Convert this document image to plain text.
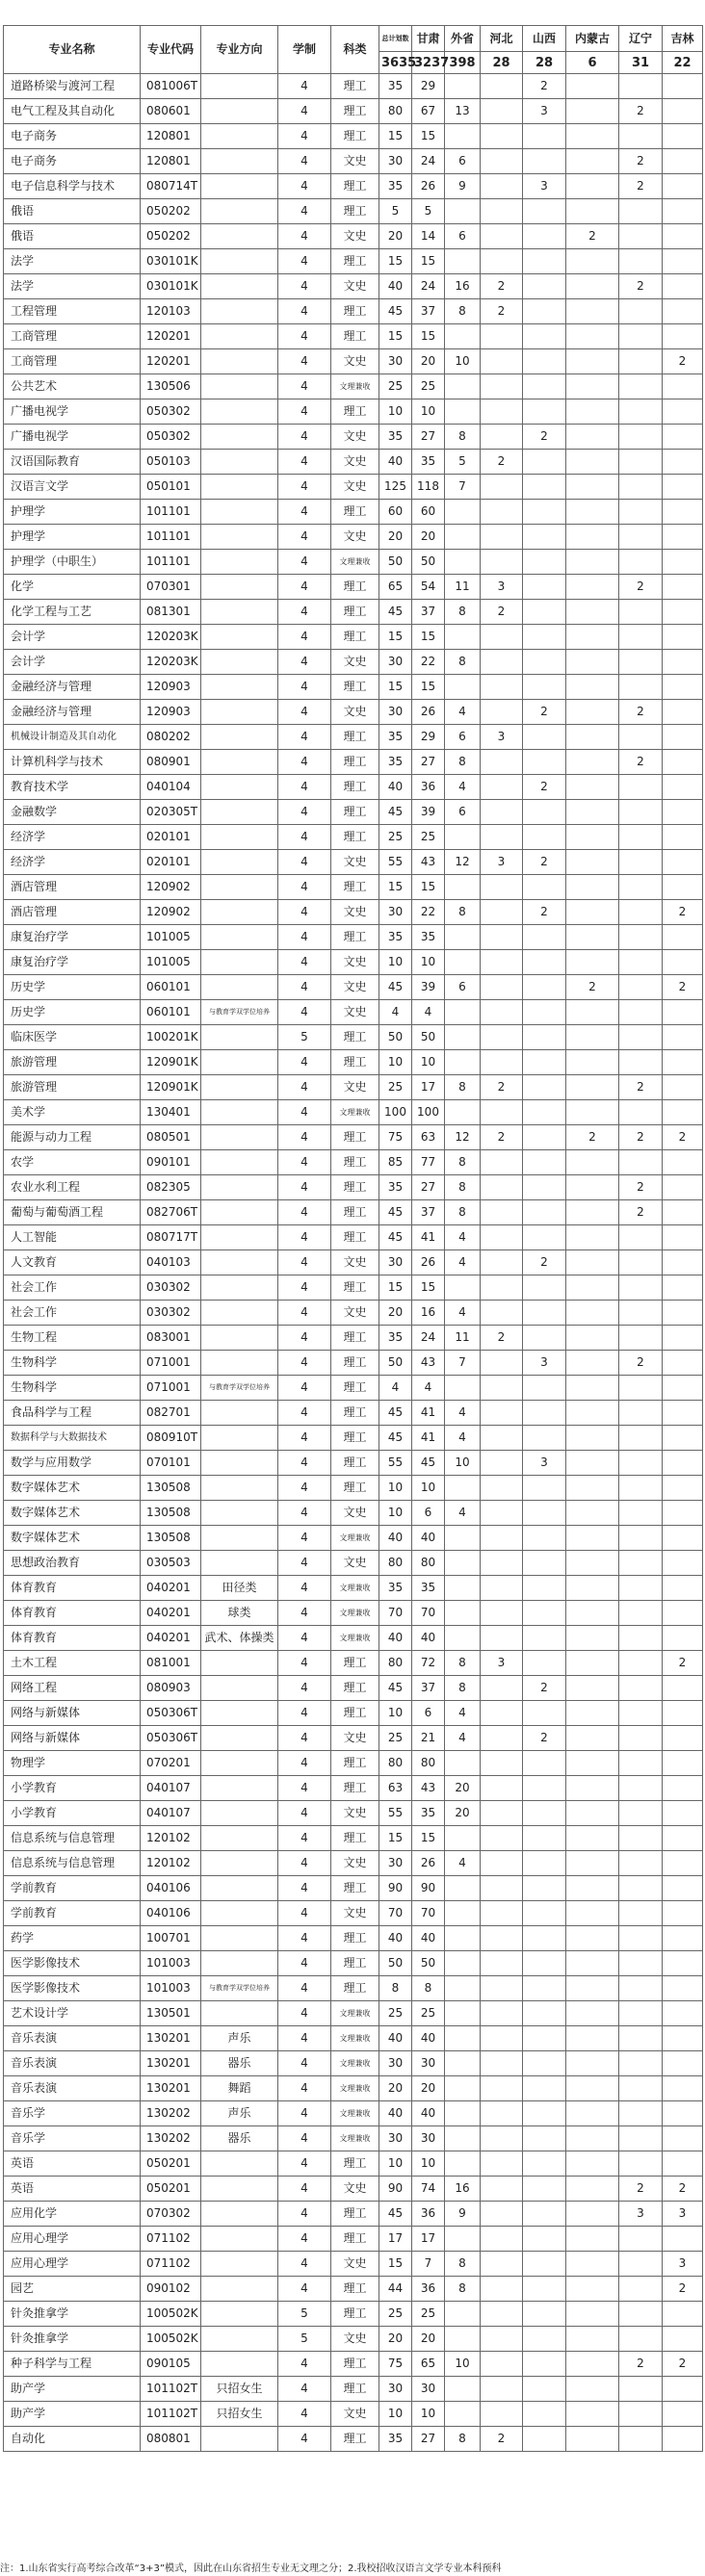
专业名称	专业代码	专业方向	学制	科类	总计划数	甘肃	外省	河北	山西	内蒙古	辽宁	吉林
					3635	3237	398	28	28	6	31	22
道路桥梁与渡河工程	081006T		4	理工	35	29			2			
电气工程及其自动化	080601		4	理工	80	67	13		3		2	
电子商务	120801		4	理工	15	15						
电子商务	120801		4	文史	30	24	6				2	
电子信息科学与技术	080714T		4	理工	35	26	9		3		2	
俄语	050202		4	理工	5	5						
俄语	050202		4	文史	20	14	6			2		
法学	030101K		4	理工	15	15						
法学	030101K		4	文史	40	24	16	2			2	
工程管理	120103		4	理工	45	37	8	2				
工商管理	120201		4	理工	15	15						
工商管理	120201		4	文史	30	20	10					2
公共艺术	130506		4	文理兼收	25	25						
广播电视学	050302		4	理工	10	10						
广播电视学	050302		4	文史	35	27	8		2			
汉语国际教育	050103		4	文史	40	35	5	2				
汉语言文学	050101		4	文史	125	118	7					
护理学	101101		4	理工	60	60						
护理学	101101		4	文史	20	20						
护理学（中职生）	101101		4	文理兼收	50	50						
化学	070301		4	理工	65	54	11	3			2	
化学工程与工艺	081301		4	理工	45	37	8	2				
会计学	120203K		4	理工	15	15						
会计学	120203K		4	文史	30	22	8					
金融经济与管理	120903		4	理工	15	15						
金融经济与管理	120903		4	文史	30	26	4		2		2	
机械设计制造及其自动化	080202		4	理工	35	29	6	3				
计算机科学与技术	080901		4	理工	35	27	8				2	
教育技术学	040104		4	理工	40	36	4		2			
金融数学	020305T		4	理工	45	39	6					
经济学	020101		4	理工	25	25						
经济学	020101		4	文史	55	43	12	3	2			
酒店管理	120902		4	理工	15	15						
酒店管理	120902		4	文史	30	22	8		2			2
康复治疗学	101005		4	理工	35	35						
康复治疗学	101005		4	文史	10	10						
历史学	060101		4	文史	45	39	6			2		2
历史学	060101	与教育学双学位培养	4	文史	4	4						
临床医学	100201K		5	理工	50	50						
旅游管理	120901K		4	理工	10	10						
旅游管理	120901K		4	文史	25	17	8	2			2	
美术学	130401		4	文理兼收	100	100						
能源与动力工程	080501		4	理工	75	63	12	2		2	2	2
农学	090101		4	理工	85	77	8					
农业水利工程	082305		4	理工	35	27	8				2	
葡萄与葡萄酒工程	082706T		4	理工	45	37	8				2	
人工智能	080717T		4	理工	45	41	4					
人文教育	040103		4	文史	30	26	4		2			
社会工作	030302		4	理工	15	15						
社会工作	030302		4	文史	20	16	4					
生物工程	083001		4	理工	35	24	11	2				
生物科学	071001		4	理工	50	43	7		3		2	
生物科学	071001	与教育学双学位培养	4	理工	4	4						
食品科学与工程	082701		4	理工	45	41	4					
数据科学与大数据技术	080910T		4	理工	45	41	4					
数学与应用数学	070101		4	理工	55	45	10		3			
数字媒体艺术	130508		4	理工	10	10						
数字媒体艺术	130508		4	文史	10	6	4					
数字媒体艺术	130508		4	文理兼收	40	40						
思想政治教育	030503		4	文史	80	80						
体育教育	040201	田径类	4	文理兼收	35	35						
体育教育	040201	球类	4	文理兼收	70	70						
体育教育	040201	武术、体操类	4	文理兼收	40	40						
土木工程	081001		4	理工	80	72	8	3				2
网络工程	080903		4	理工	45	37	8		2			
网络与新媒体	050306T		4	理工	10	6	4					
网络与新媒体	050306T		4	文史	25	21	4		2			
物理学	070201		4	理工	80	80						
小学教育	040107		4	理工	63	43	20					
小学教育	040107		4	文史	55	35	20					
信息系统与信息管理	120102		4	理工	15	15						
信息系统与信息管理	120102		4	文史	30	26	4					
学前教育	040106		4	理工	90	90						
学前教育	040106		4	文史	70	70						
药学	100701		4	理工	40	40						
医学影像技术	101003		4	理工	50	50						
医学影像技术	101003	与教育学双学位培养	4	理工	8	8						
艺术设计学	130501		4	文理兼收	25	25						
音乐表演	130201	声乐	4	文理兼收	40	40						
音乐表演	130201	器乐	4	文理兼收	30	30						
音乐表演	130201	舞蹈	4	文理兼收	20	20						
音乐学	130202	声乐	4	文理兼收	40	40						
音乐学	130202	器乐	4	文理兼收	30	30						
英语	050201		4	理工	10	10						
英语	050201		4	文史	90	74	16				2	2
应用化学	070302		4	理工	45	36	9				3	3
应用心理学	071102		4	理工	17	17						
应用心理学	071102		4	文史	15	7	8					3
园艺	090102		4	理工	44	36	8					2
针灸推拿学	100502K		5	理工	25	25						
针灸推拿学	100502K		5	文史	20	20						
种子科学与工程	090105		4	理工	75	65	10				2	2
助产学	101102T	只招女生	4	理工	30	30						
助产学	101102T	只招女生	4	文史	10	10						
自动化	080801		4	理工	35	27	8	2				
注：1.山东省实行高考综合改革“3+3”模式，因此在山东省招生专业无文理之分；2.我校招收汉语言文学专业本科预科
